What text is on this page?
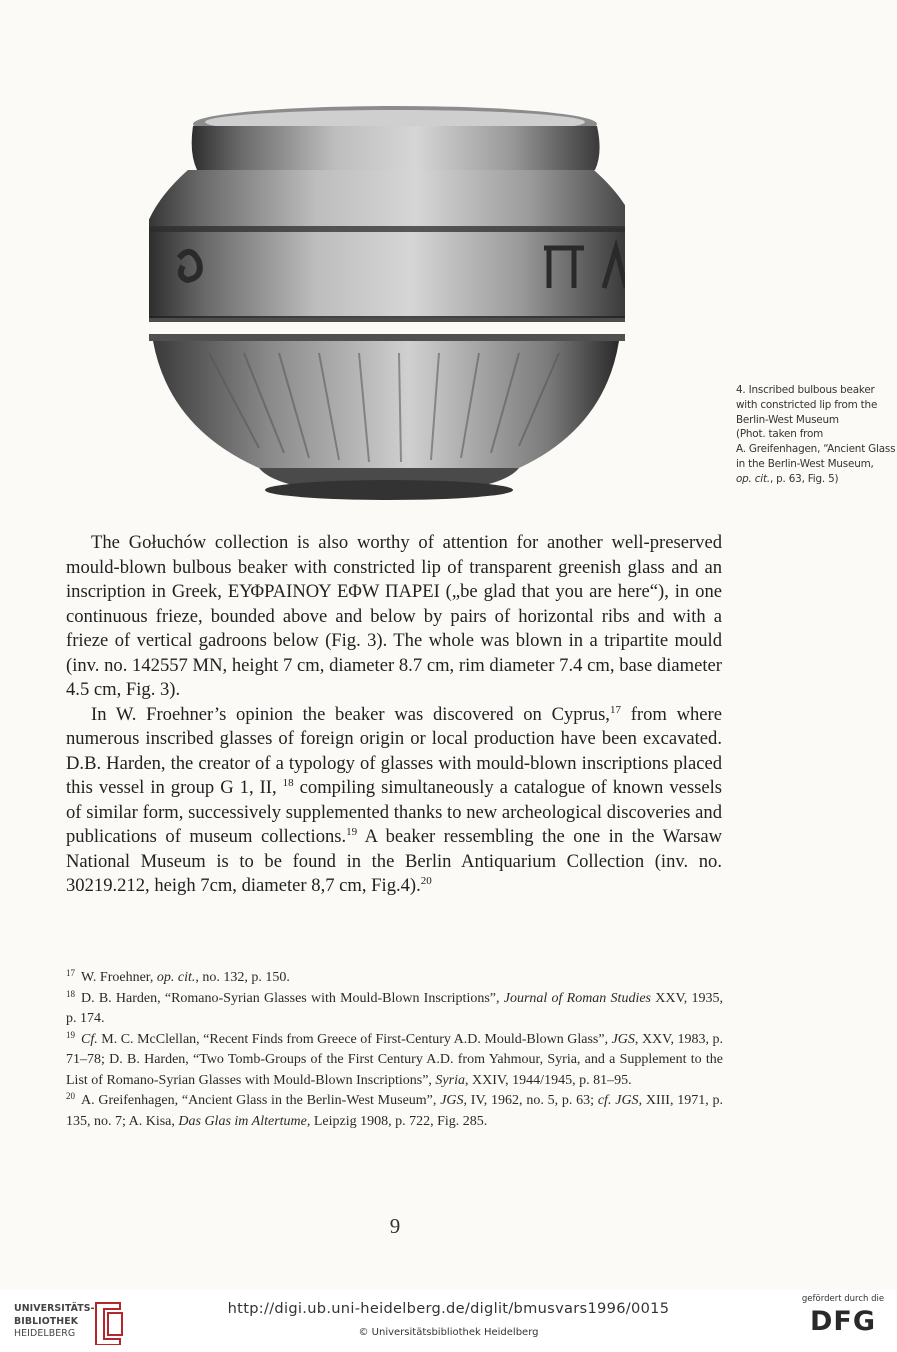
4. Inscribed bulbous beaker
with constricted lip from the
Berlin-West Museum
(Phot. taken from
A. Greifenhagen, “Ancient Glass
in the Berlin-West Museum,
op. cit., p. 63, Fig. 5)

The Gołuchów collection is also worthy of attention for another well-preserved mould-blown bulbous beaker with constricted lip of transparent greenish glass and an inscription in Greek, ΕΥΦΡΑΙΝΟΥ ΕΦW ΠΑΡΕΙ („be glad that you are here“), in one continuous frieze, bounded above and below by pairs of horizontal ribs and with a frieze of vertical gadroons below (Fig. 3). The whole was blown in a tripartite mould (inv. no. 142557 MN, height 7 cm, diameter 8.7 cm, rim diameter 7.4 cm, base diameter 4.5 cm, Fig. 3).

In W. Froehner’s opinion the beaker was discovered on Cyprus,$^{17}$ from where numerous inscribed glasses of foreign origin or local production have been excavated. D.B. Harden, the creator of a typology of glasses with mould-blown inscriptions placed this vessel in group G 1, II, $^{18}$ compiling simultaneously a catalogue of known vessels of similar form, successively supplemented thanks to new archeological discoveries and publications of museum collections.$^{19}$ A beaker ressembling the one in the Warsaw National Museum is to be found in the Berlin Antiquarium Collection (inv. no. 30219.212, heigh 7cm, diameter 8,7 cm, Fig.4).$^{20}$

$^{17}$ W. Froehner, op. cit., no. 132, p. 150.

$^{18}$ D. B. Harden, “Romano-Syrian Glasses with Mould-Blown Inscriptions”, Journal of Roman Studies XXV, 1935, p. 174.

$^{19}$ Cf. M. C. McClellan, “Recent Finds from Greece of First-Century A.D. Mould-Blown Glass”, JGS, XXV, 1983, p. 71–78; D. B. Harden, “Two Tomb-Groups of the First Century A.D. from Yahmour, Syria, and a Supplement to the List of Romano-Syrian Glasses with Mould-Blown Inscriptions”, Syria, XXIV, 1944/1945, p. 81–95.

$^{20}$ A. Greifenhagen, “Ancient Glass in the Berlin-West Museum”, JGS, IV, 1962, no. 5, p. 63; cf. JGS, XIII, 1971, p. 135, no. 7; A. Kisa, Das Glas im Altertume, Leipzig 1908, p. 722, Fig. 285.

9
UNIVERSITÄTS-
BIBLIOTHEK
HEIDELBERG
http://digi.ub.uni-heidelberg.de/diglit/bmusvars1996/0015
© Universitätsbibliothek Heidelberg
gefördert durch die
DFG
